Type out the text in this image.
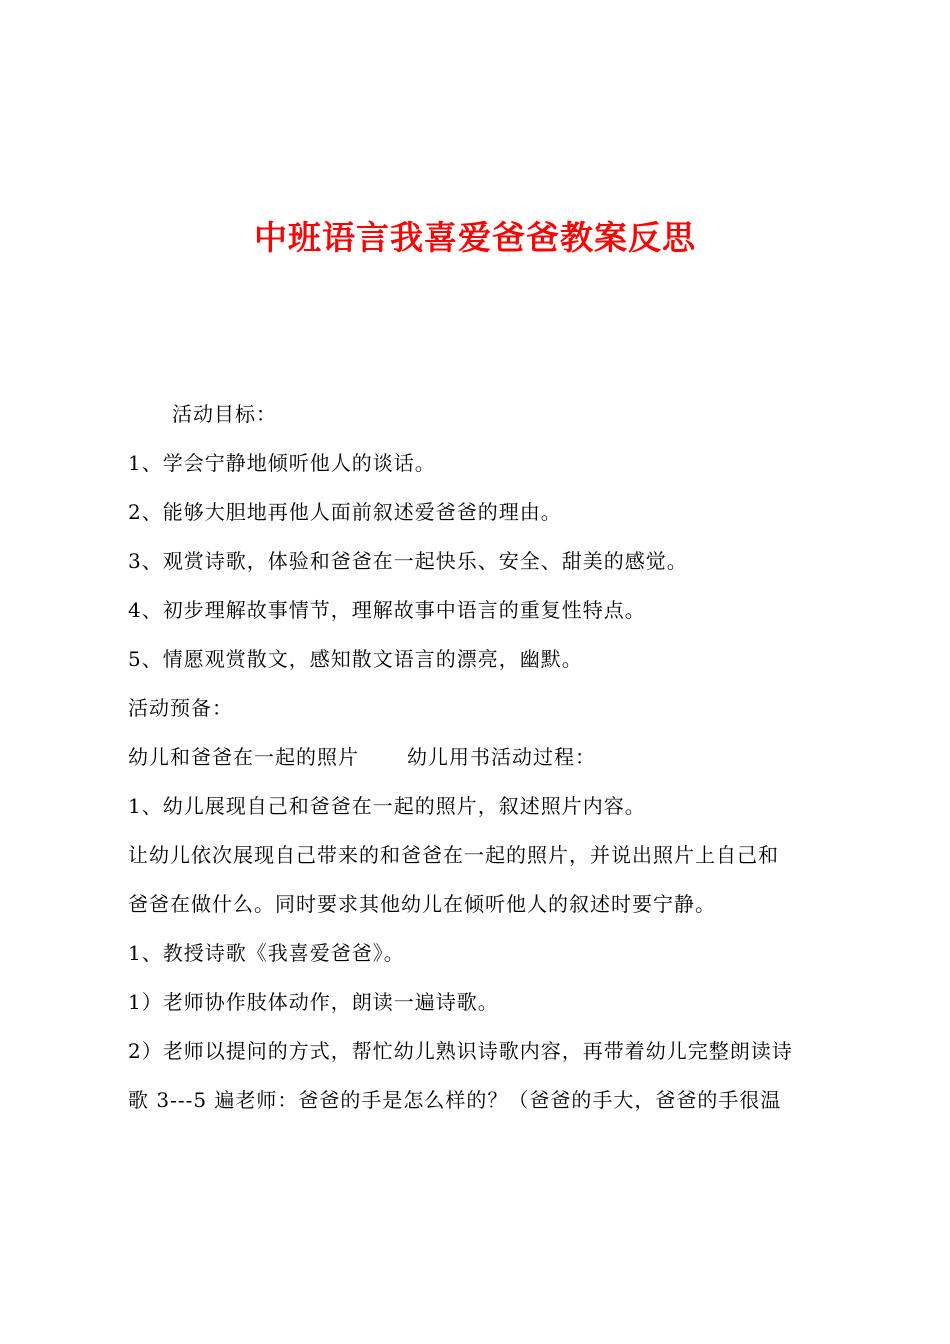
中班语言我喜爱爸爸教案反思
活动目标：
1、学会宁静地倾听他人的谈话。
2、能够大胆地再他人面前叙述爱爸爸的理由。
3、观赏诗歌，体验和爸爸在一起快乐、安全、甜美的感觉。
4、初步理解故事情节，理解故事中语言的重复性特点。
5、情愿观赏散文，感知散文语言的漂亮，幽默。
活动预备：
幼儿和爸爸在一起的照片 幼儿用书活动过程：
1、幼儿展现自己和爸爸在一起的照片，叙述照片内容。
让幼儿依次展现自己带来的和爸爸在一起的照片，并说出照片上自己和
爸爸在做什么。同时要求其他幼儿在倾听他人的叙述时要宁静。
1、教授诗歌《我喜爱爸爸》。
1）老师协作肢体动作，朗读一遍诗歌。
2）老师以提问的方式，帮忙幼儿熟识诗歌内容，再带着幼儿完整朗读诗
歌 3---5 遍老师：爸爸的手是怎么样的？（爸爸的手大，爸爸的手很温
